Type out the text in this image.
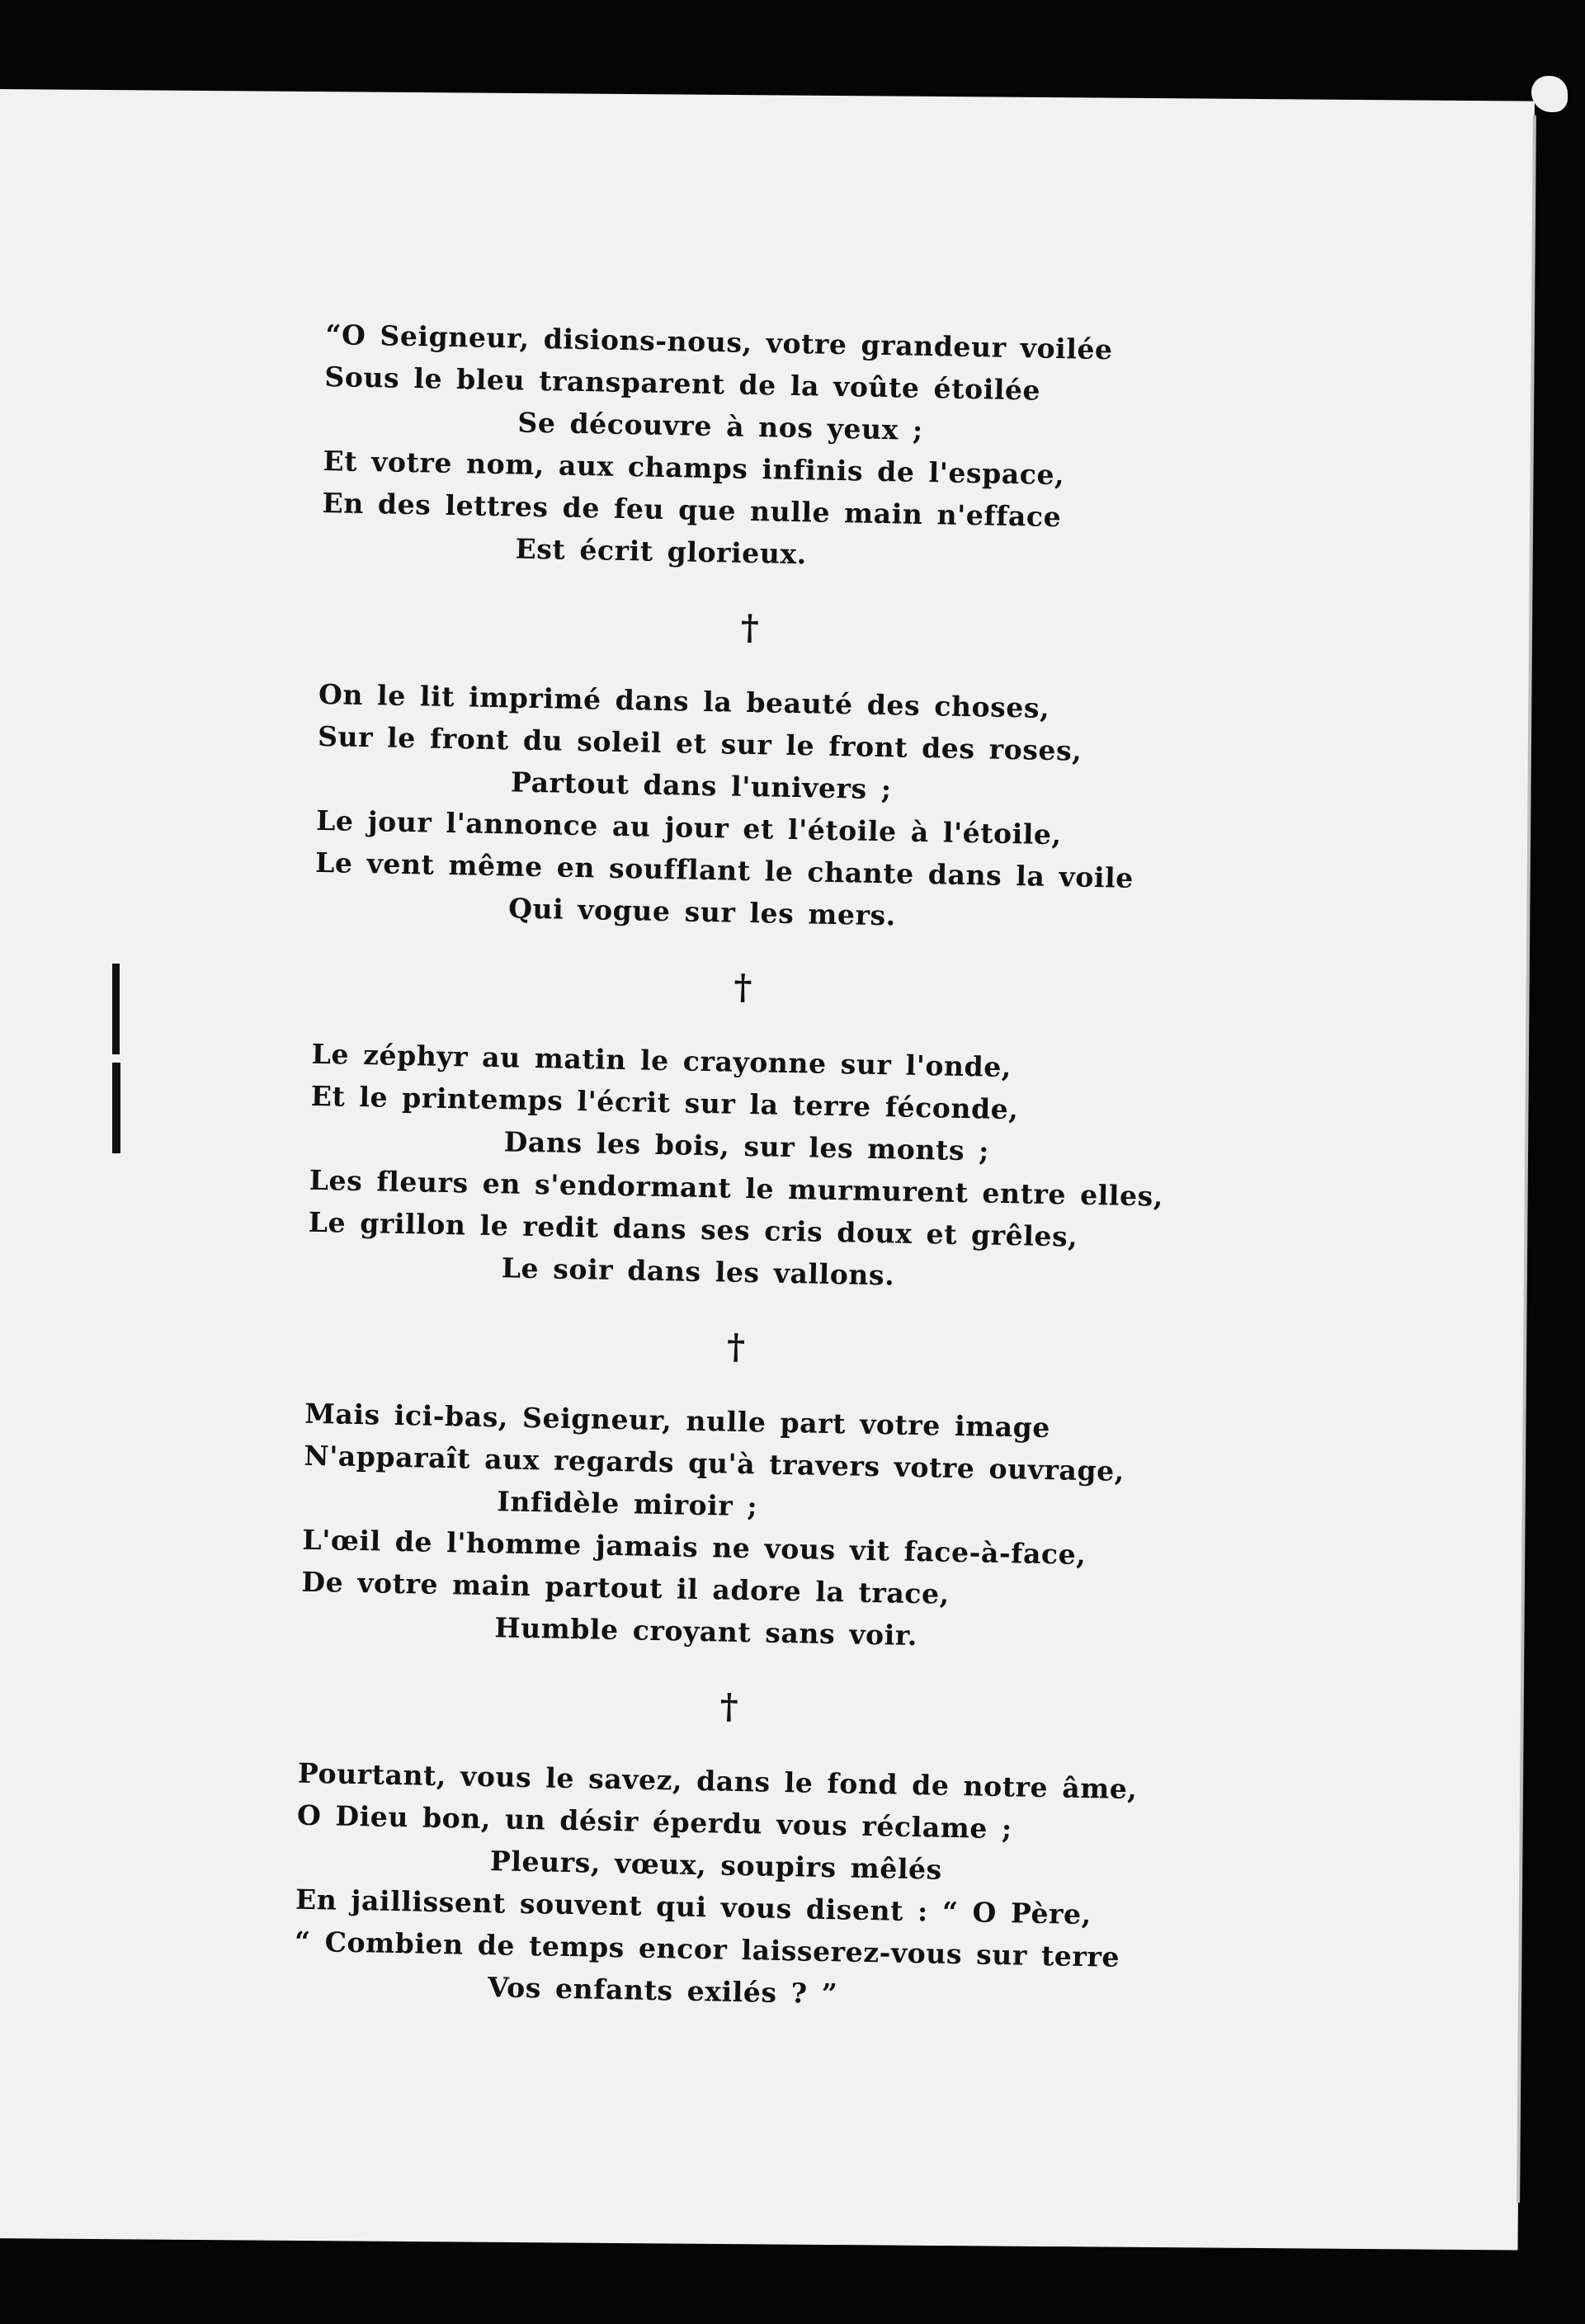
“O Seigneur, disions-nous, votre grandeur voilée
Sous le bleu transparent de la voûte étoilée
Se découvre à nos yeux ;
Et votre nom, aux champs infinis de l'espace,
En des lettres de feu que nulle main n'efface
Est écrit glorieux.
†
On le lit imprimé dans la beauté des choses,
Sur le front du soleil et sur le front des roses,
Partout dans l'univers ;
Le jour l'annonce au jour et l'étoile à l'étoile,
Le vent même en soufflant le chante dans la voile
Qui vogue sur les mers.
†
Le zéphyr au matin le crayonne sur l'onde,
Et le printemps l'écrit sur la terre féconde,
Dans les bois, sur les monts ;
Les fleurs en s'endormant le murmurent entre elles,
Le grillon le redit dans ses cris doux et grêles,
Le soir dans les vallons.
†
Mais ici-bas, Seigneur, nulle part votre image
N'apparaît aux regards qu'à travers votre ouvrage,
Infidèle miroir ;
L'œil de l'homme jamais ne vous vit face-à-face,
De votre main partout il adore la trace,
Humble croyant sans voir.
†
Pourtant, vous le savez, dans le fond de notre âme,
O Dieu bon, un désir éperdu vous réclame ;
Pleurs, vœux, soupirs mêlés
En jaillissent souvent qui vous disent : “ O Père,
“ Combien de temps encor laisserez-vous sur terre
Vos enfants exilés ? ”
